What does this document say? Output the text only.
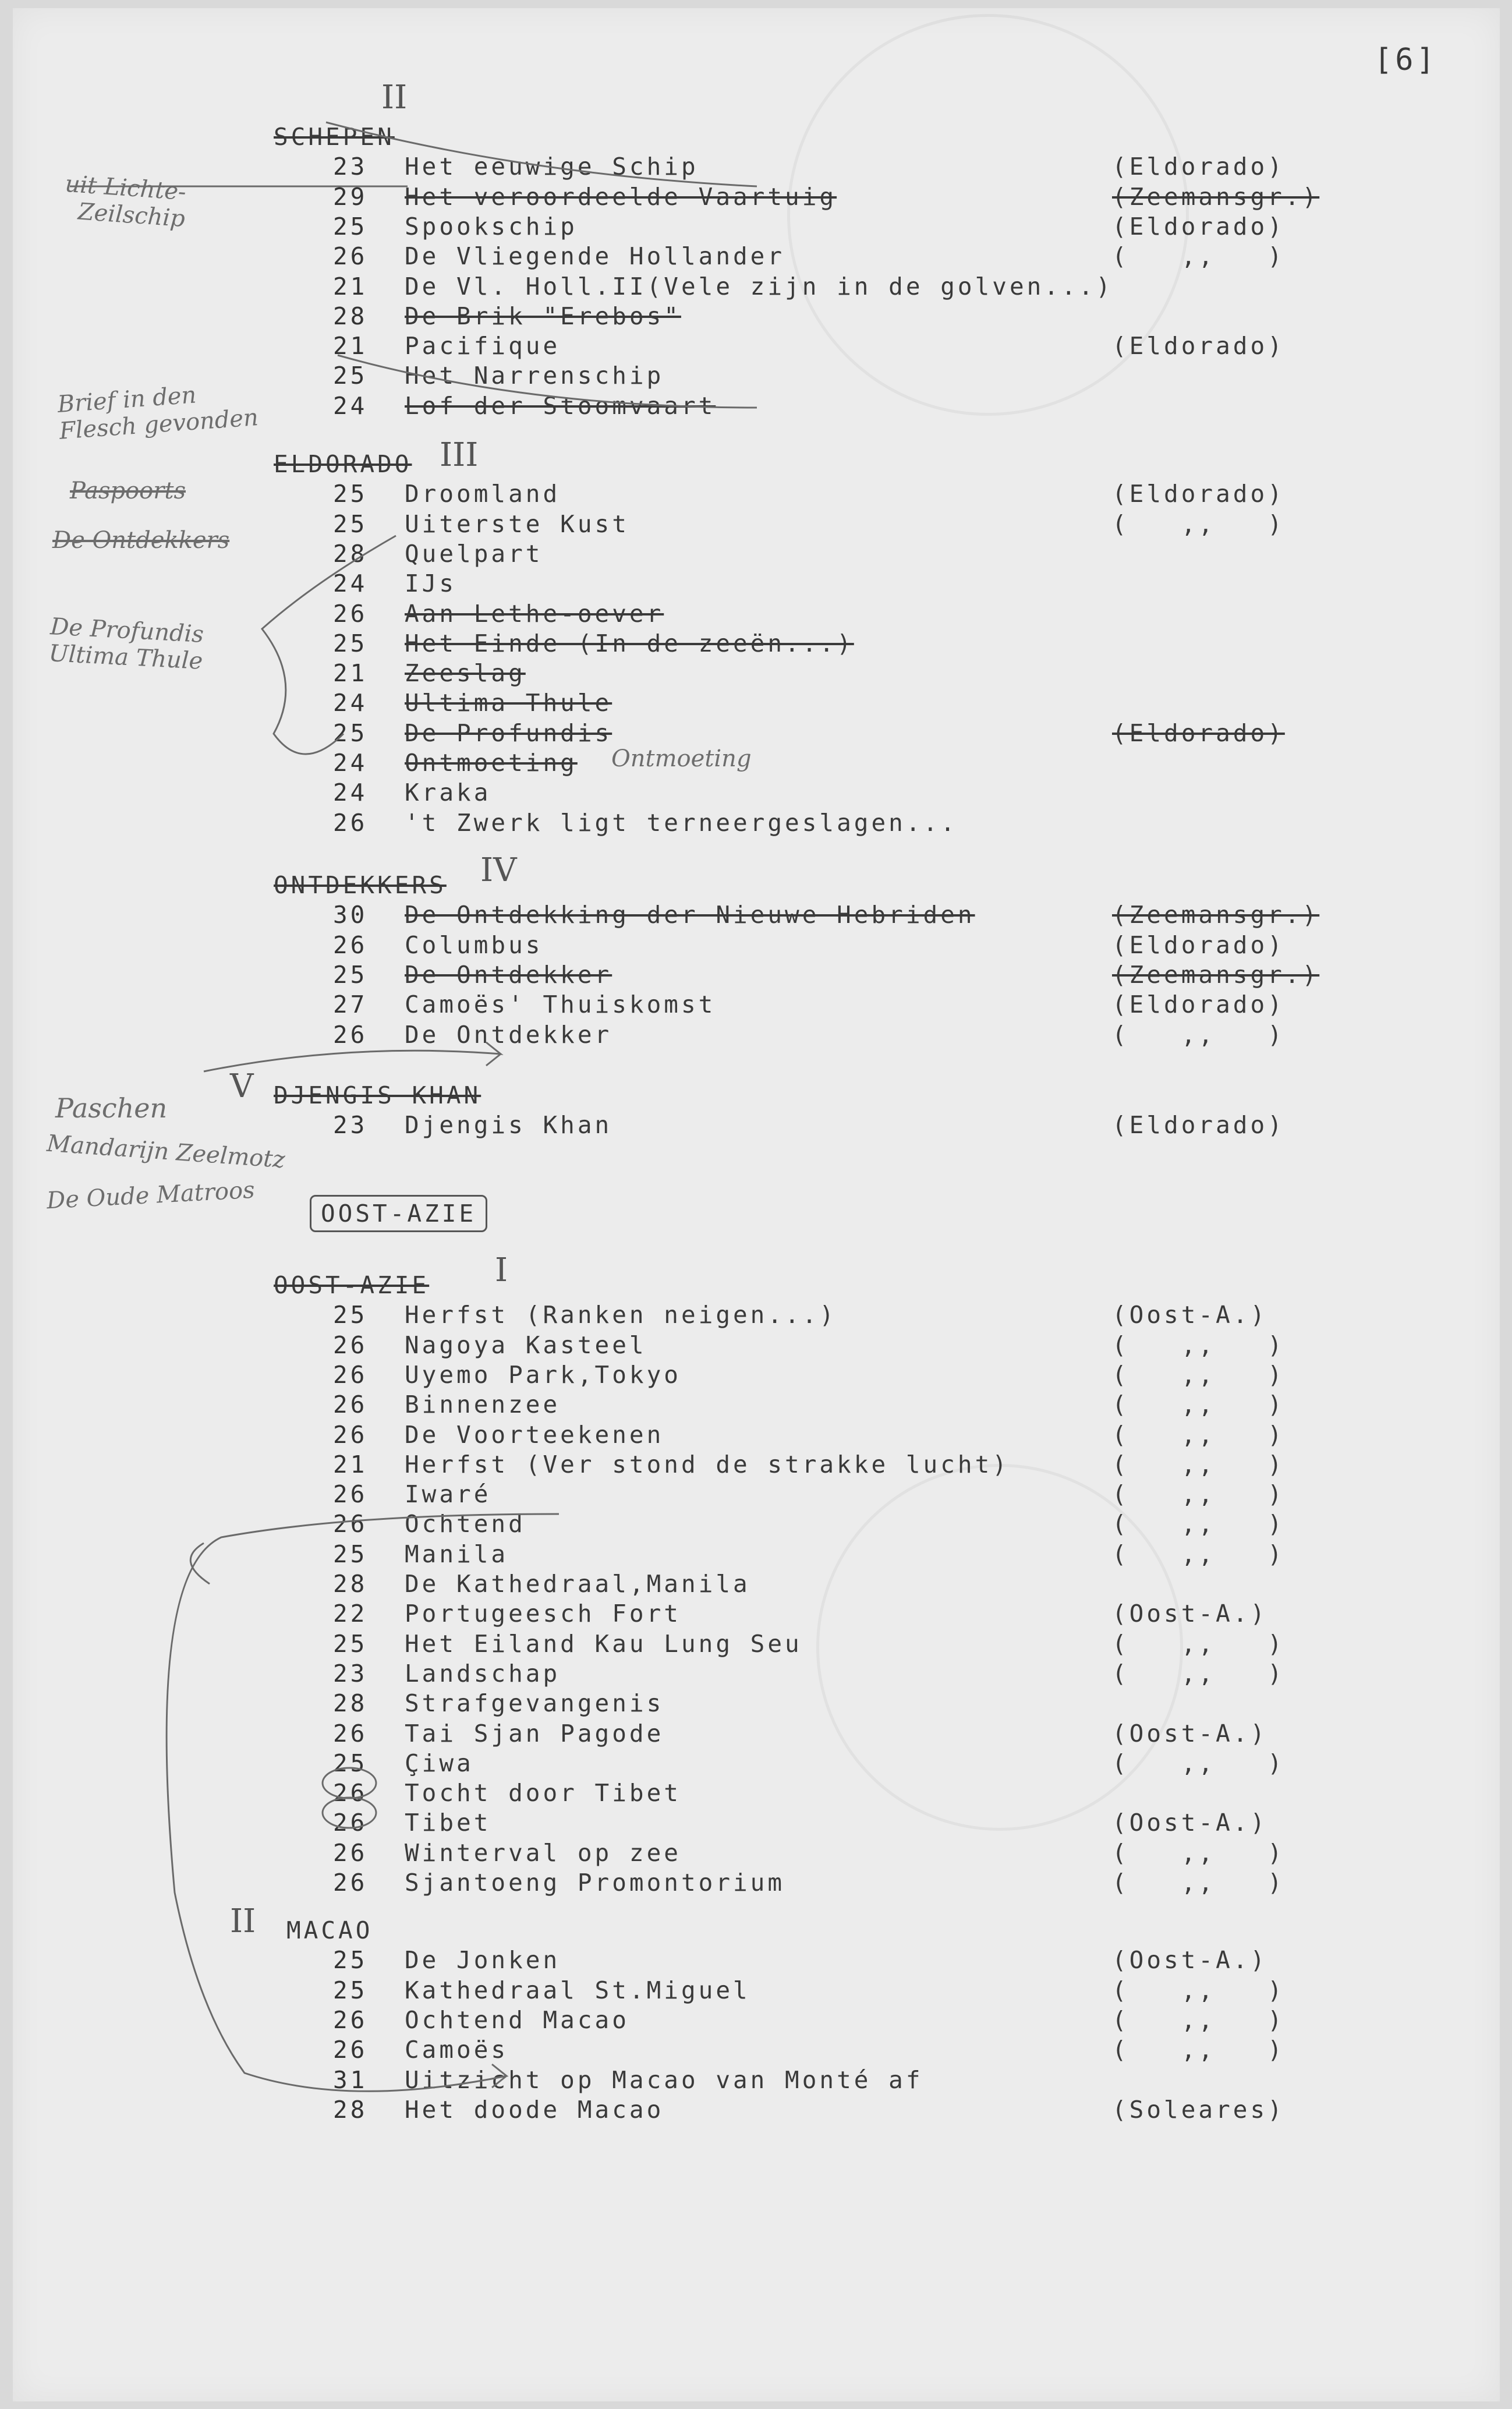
[6]
SCHEPEN
II
23 Het eeuwige Schip	(Eldorado)
29 Het veroordeelde Vaartuig	(Zeemansgr.)
25 Spookschip	(Eldorado)
26 De Vliegende Hollander	(   ,,   )
21 De Vl. Holl.II(Vele zijn in de golven...)
28 De Brik "Erebos"
21 Pacifique	(Eldorado)
25 Het Narrenschip
24 Lof der Stoomvaart
ELDORADO III
25 Droomland	(Eldorado)
25 Uiterste Kust	(   ,,   )
28 Quelpart
24 IJs
26 Aan Lethe-oever
25 Het Einde (In de zeeën...)
21 Zeeslag
24 Ultima Thule
25 De Profundis	(Eldorado)
24 Ontmoeting
24 Kraka
26 't Zwerk ligt terneergeslagen...
ONTDEKKERS IV
30 De Ontdekking der Nieuwe Hebriden	(Zeemansgr.)
26 Columbus	(Eldorado)
25 De Ontdekker	(Zeemansgr.)
27 Camoës' Thuiskomst	(Eldorado)
26 De Ontdekker	(   ,,   )
DJENGIS KHAN
V
23 Djengis Khan	(Eldorado)
OOST-AZIE I
25 Herfst (Ranken neigen...)	(Oost-A.)
26 Nagoya Kasteel	(   ,,   )
26 Uyemo Park,Tokyo	(   ,,   )
26 Binnenzee	(   ,,   )
26 De Voorteekenen	(   ,,   )
21 Herfst (Ver stond de strakke lucht)	(   ,,   )
26 Iwaré	(   ,,   )
26 Ochtend	(   ,,   )
25 Manila	(   ,,   )
28 De Kathedraal,Manila
22 Portugeesch Fort	(Oost-A.)
25 Het Eiland Kau Lung Seu	(   ,,   )
23 Landschap	(   ,,   )
28 Strafgevangenis
26 Tai Sjan Pagode	(Oost-A.)
25 Çiwa	(   ,,   )
26 Tocht door Tibet
26 Tibet	(Oost-A.)
26 Winterval op zee	(   ,,   )
26 Sjantoeng Promontorium	(   ,,   )
MACAO
II
25 De Jonken	(Oost-A.)
25 Kathedraal St.Miguel	(   ,,   )
26 Ochtend Macao	(   ,,   )
26 Camoës	(   ,,   )
31 Uitzicht op Macao van Monté af
28 Het doode Macao	(Soleares)
OOST-AZIE
uit Lichte-
Zeilschip
Brief in den
Flesch gevonden
Paspoorts
De Ontdekkers
De Profundis
Ultima Thule
Ontmoeting
Paschen
Mandarijn Zeelmotz
De Oude Matroos
